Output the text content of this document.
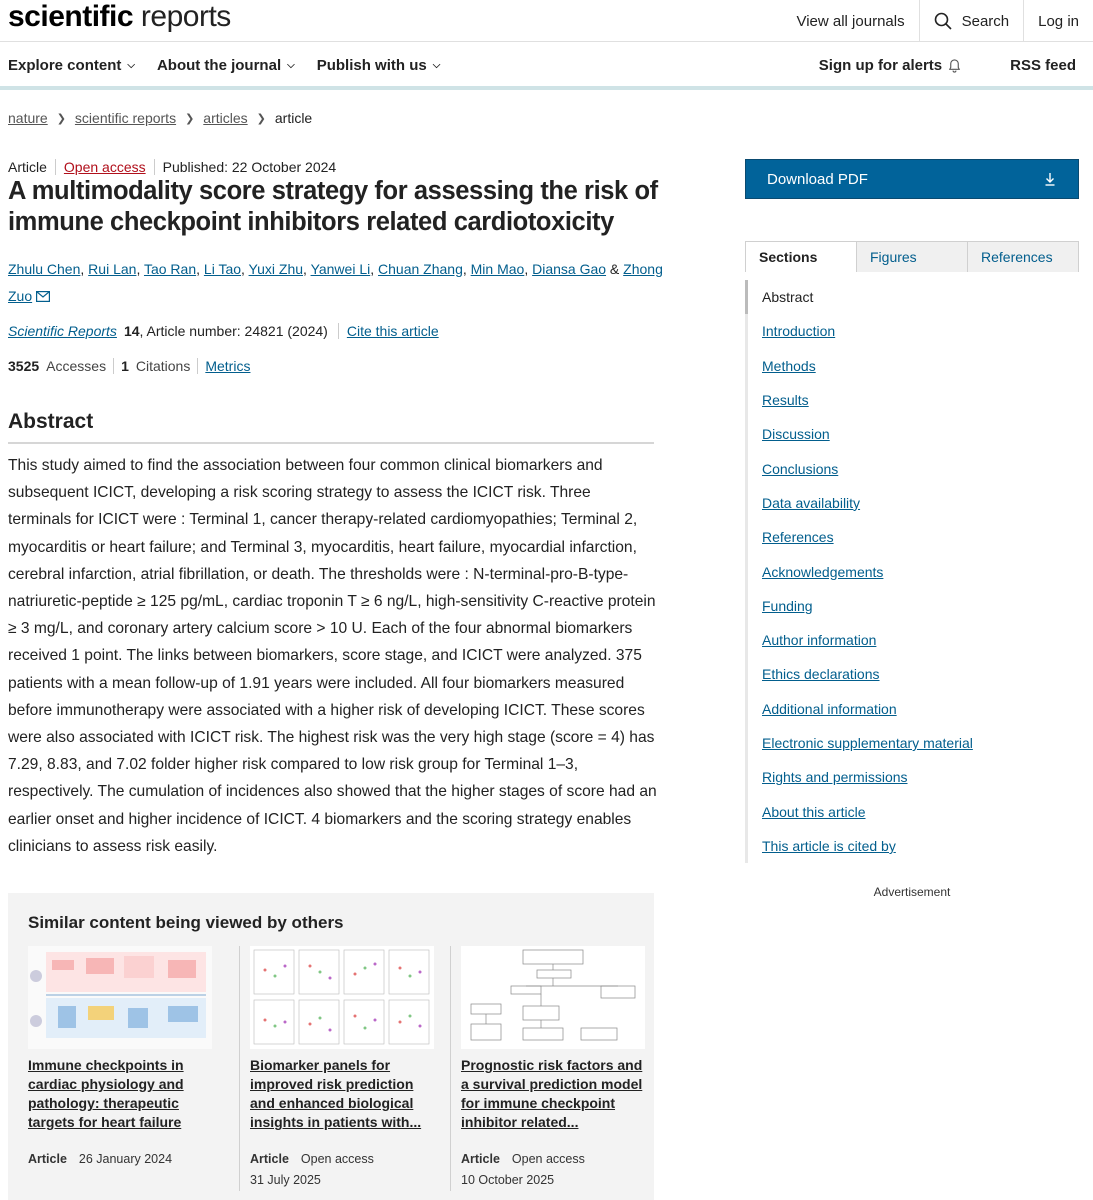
scientific reports	View all journals	Search Log in
Explore content ⌵ About the journal ⌵ Publish with us ⌵	Sign up for alerts	RSS feed
nature ❯ scientific reports ❯ articles ❯ article
Article	Open access	Published: 22 October 2024
A multimodality score strategy for assessing the risk of immune checkpoint inhibitors related cardiotoxicity
Zhulu Chen, Rui Lan, Tao Ran, Li Tao, Yuxi Zhu, Yanwei Li, Chuan Zhang, Min Mao, Diansa Gao & Zhong Zuo
Scientific Reports 14 , Article number: 24821 (2024)	Cite this article
3525 Accesses 1 Citations Metrics
Abstract

This study aimed to find the association between four common clinical biomarkers and subsequent ICICT, developing a risk scoring strategy to assess the ICICT risk. Three terminals for ICICT were : Terminal 1, cancer therapy-related cardiomyopathies; Terminal 2, myocarditis or heart failure; and Terminal 3, myocarditis, heart failure, myocardial infarction, cerebral infarction, atrial fibrillation, or death. The thresholds were : N-terminal-pro-B-type-natriuretic-peptide ≥ 125 pg/mL, cardiac troponin T ≥ 6 ng/L, high-sensitivity C-reactive protein ≥ 3 mg/L, and coronary artery calcium score > 10 U. Each of the four abnormal biomarkers received 1 point. The links between biomarkers, score stage, and ICICT were analyzed. 375 patients with a mean follow-up of 1.91 years were included. All four biomarkers measured before immunotherapy were associated with a higher risk of developing ICICT. These scores were also associated with ICICT risk. The highest risk was the very high stage (score = 4) has 7.29, 8.83, and 7.02 folder higher risk compared to low risk group for Terminal 1–3, respectively. The cumulation of incidences also showed that the higher stages of score had an earlier onset and higher incidence of ICICT. 4 biomarkers and the scoring strategy enables clinicians to assess risk easily.

Similar content being viewed by others
Immune checkpoints in cardiac physiology and pathology: therapeutic targets for heart failure
Article 26 January 2024
Biomarker panels for improved risk prediction and enhanced biological insights in patients with...
Article Open access
31 July 2025
Prognostic risk factors and a survival prediction model for immune checkpoint inhibitor related...
Article Open access
10 October 2025
Download PDF
Sections	Figures	References
Abstract
Introduction
Methods
Results
Discussion
Conclusions
Data availability
References
Acknowledgements
Funding
Author information
Ethics declarations
Additional information
Electronic supplementary material
Rights and permissions
About this article
This article is cited by
Advertisement
